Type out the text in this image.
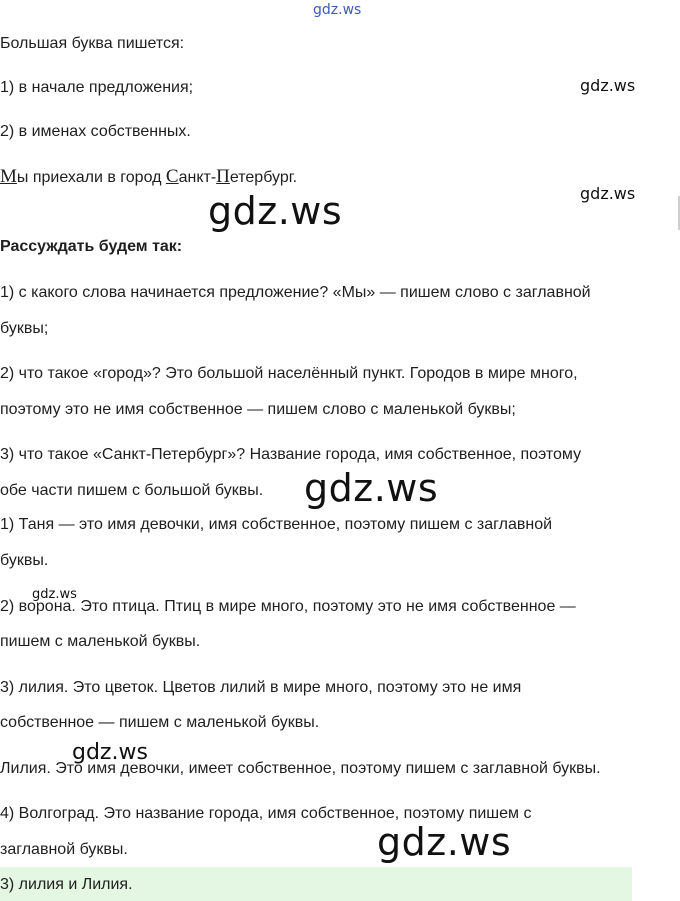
gdz.ws
gdz.ws
gdz.ws
gdz.ws
gdz.ws
gdz.ws
gdz.ws
gdz.ws
Большая буква пишется:
1) в начале предложения;
2) в именах собственных.
Мы приехали в город Санкт-Петербург.
Рассуждать будем так:
1) с какого слова начинается предложение? «Мы» — пишем слово с заглавной
буквы;
2) что такое «город»? Это большой населённый пункт. Городов в мире много,
поэтому это не имя собственное — пишем слово с маленькой буквы;
3) что такое «Санкт-Петербург»? Название города, имя собственное, поэтому
обе части пишем с большой буквы.
1) Таня — это имя девочки, имя собственное, поэтому пишем с заглавной
буквы.
2) ворона. Это птица. Птиц в мире много, поэтому это не имя собственное —
пишем с маленькой буквы.
3) лилия. Это цветок. Цветов лилий в мире много, поэтому это не имя
собственное — пишем с маленькой буквы.
Лилия. Это имя девочки, имеет собственное, поэтому пишем с заглавной буквы.
4) Волгоград. Это название города, имя собственное, поэтому пишем с
заглавной буквы.
3) лилия и Лилия.
